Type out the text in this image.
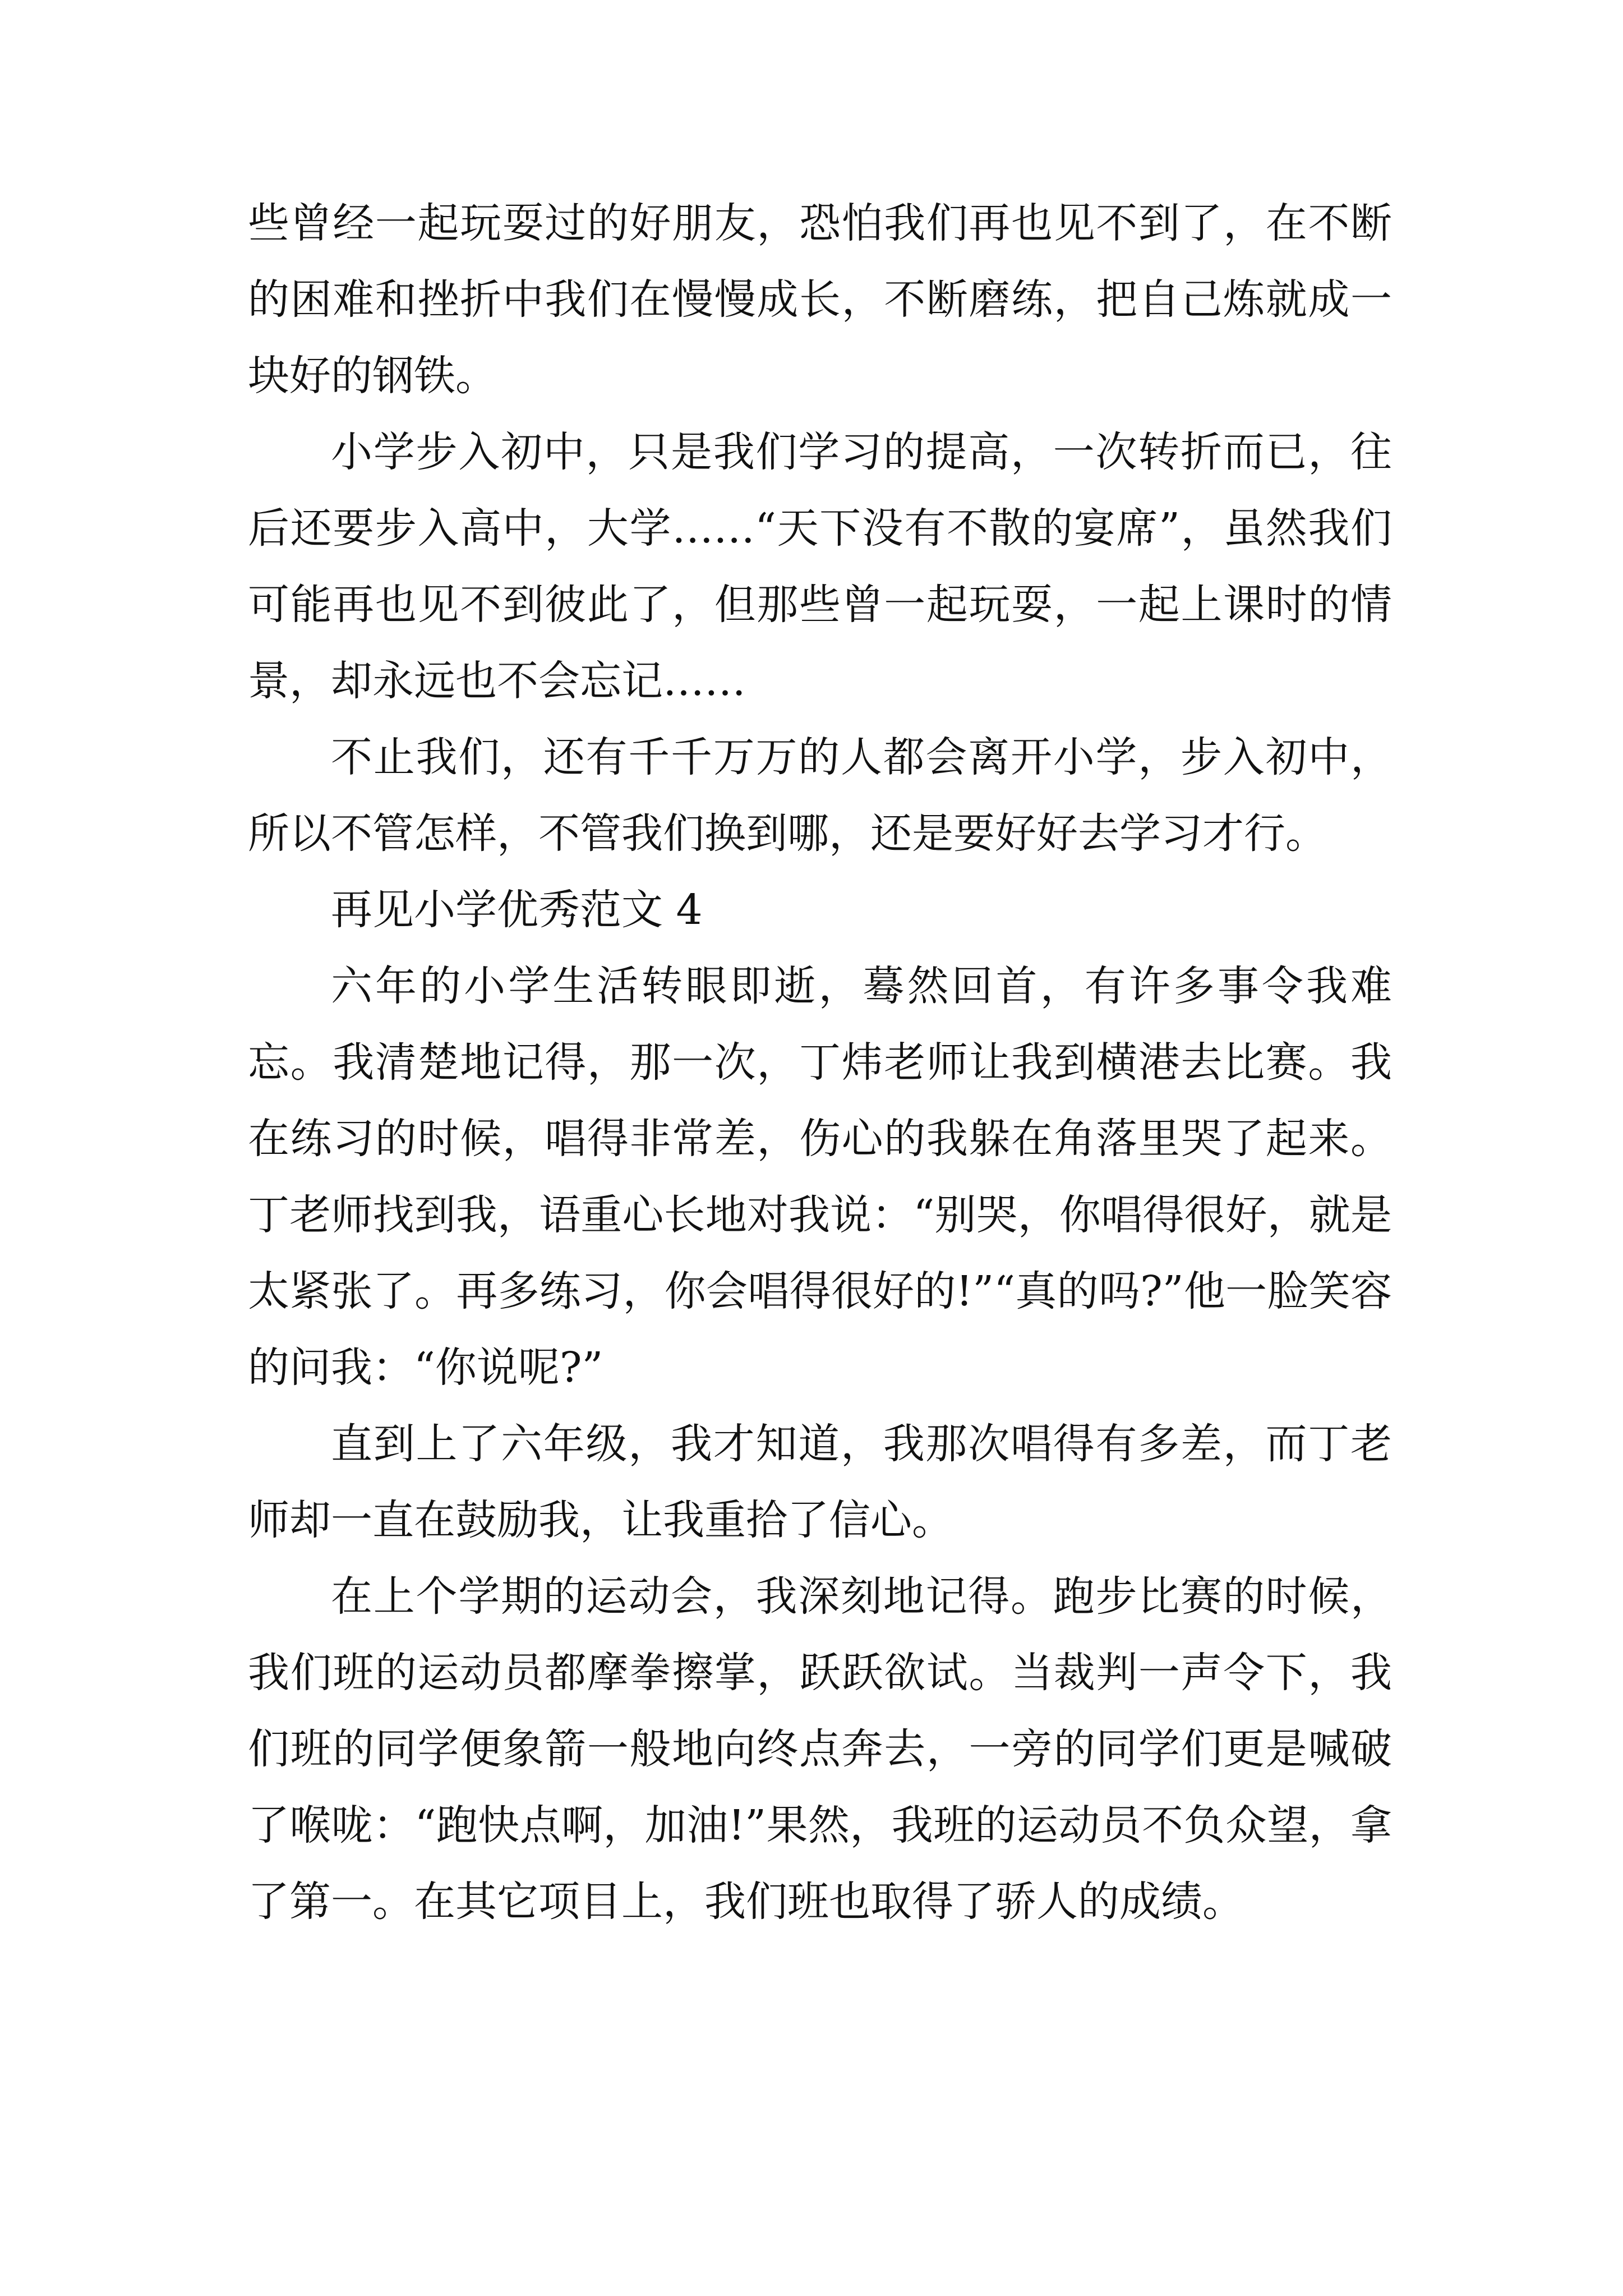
些曾经一起玩耍过的好朋友，恐怕我们再也见不到了，在不断的困难和挫折中我们在慢慢成长，不断磨练，把自己炼就成一块好的钢铁。

小学步入初中，只是我们学习的提高，一次转折而已，往后还要步入高中，大学……“天下没有不散的宴席”，虽然我们可能再也见不到彼此了，但那些曾一起玩耍，一起上课时的情景，却永远也不会忘记……

不止我们，还有千千万万的人都会离开小学，步入初中，所以不管怎样，不管我们换到哪，还是要好好去学习才行。

再见小学优秀范文 4

六年的小学生活转眼即逝，蓦然回首，有许多事令我难忘。我清楚地记得，那一次，丁炜老师让我到横港去比赛。我在练习的时候，唱得非常差，伤心的我躲在角落里哭了起来。丁老师找到我，语重心长地对我说：“别哭，你唱得很好，就是太紧张了。再多练习，你会唱得很好的!”“真的吗?”他一脸笑容的问我：“你说呢?”

直到上了六年级，我才知道，我那次唱得有多差，而丁老师却一直在鼓励我，让我重拾了信心。

在上个学期的运动会，我深刻地记得。跑步比赛的时候，我们班的运动员都摩拳擦掌，跃跃欲试。当裁判一声令下，我们班的同学便象箭一般地向终点奔去，一旁的同学们更是喊破了喉咙：“跑快点啊，加油!”果然，我班的运动员不负众望，拿了第一。在其它项目上，我们班也取得了骄人的成绩。
